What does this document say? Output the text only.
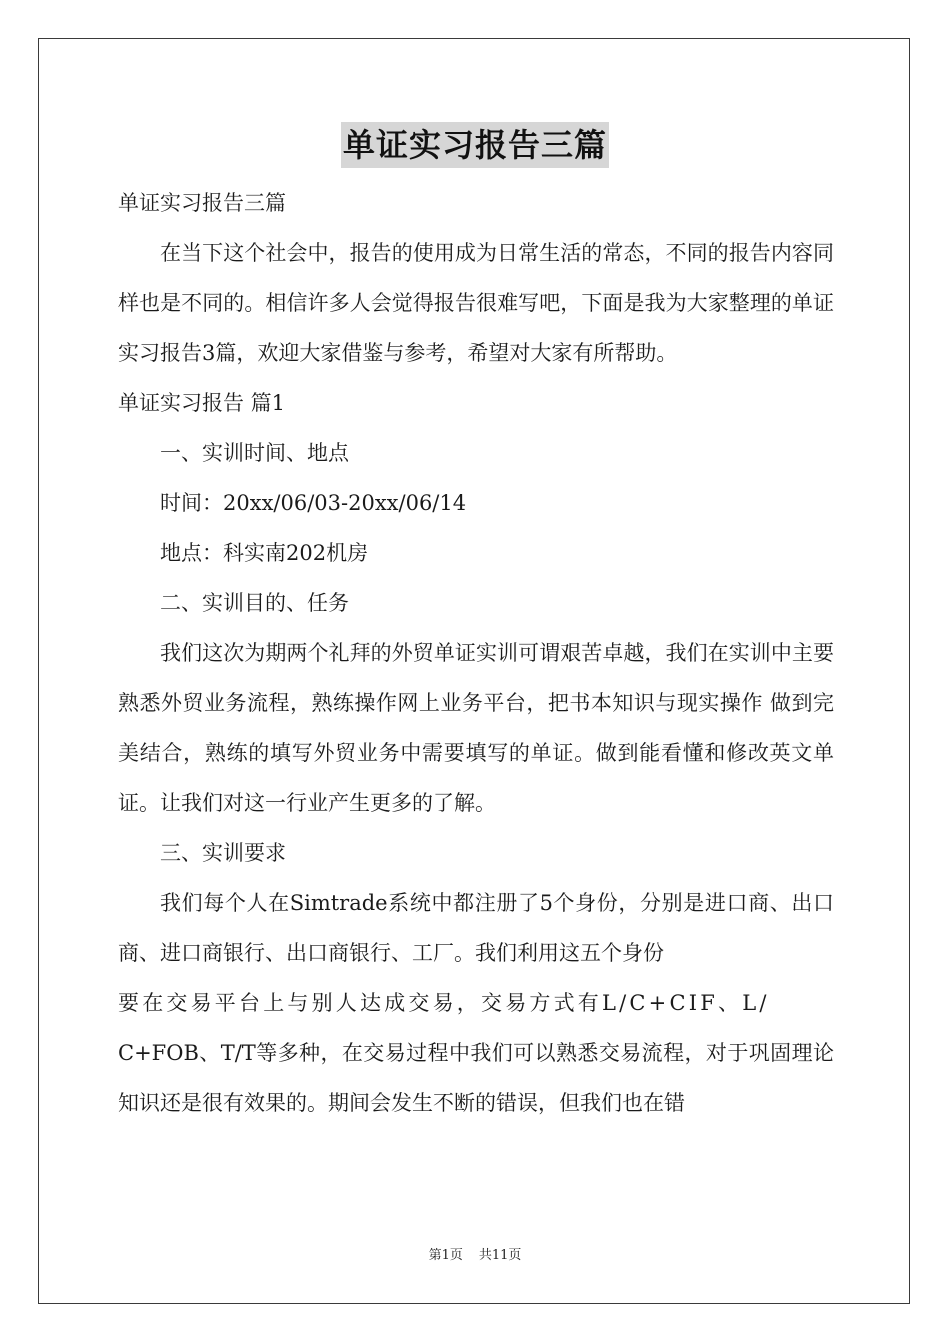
单证实习报告三篇

单证实习报告三篇

在当下这个社会中，报告的使用成为日常生活的常态，不同的报告内容同样也是不同的。相信许多人会觉得报告很难写吧，下面是我为大家整理的单证实习报告3篇，欢迎大家借鉴与参考，希望对大家有所帮助。

单证实习报告 篇1

一、实训时间、地点

时间：20xx/06/03-20xx/06/14

地点：科实南202机房

二、实训目的、任务

我们这次为期两个礼拜的外贸单证实训可谓艰苦卓越，我们在实训中主要熟悉外贸业务流程，熟练操作网上业务平台，把书本知识与现实操作 做到完美结合，熟练的填写外贸业务中需要填写的单证。做到能看懂和修改英文单证。让我们对这一行业产生更多的了解。

三、实训要求

我们每个人在Simtrade系统中都注册了5个身份，分别是进口商、出口商、进口商银行、出口商银行、工厂。我们利用这五个身份

要在交易平台上与别人达成交易，交易方式有L/C+CIF、L/

C+FOB、T/T等多种，在交易过程中我们可以熟悉交易流程，对于巩固理论知识还是很有效果的。期间会发生不断的错误，但我们也在错

第1页 共11页
